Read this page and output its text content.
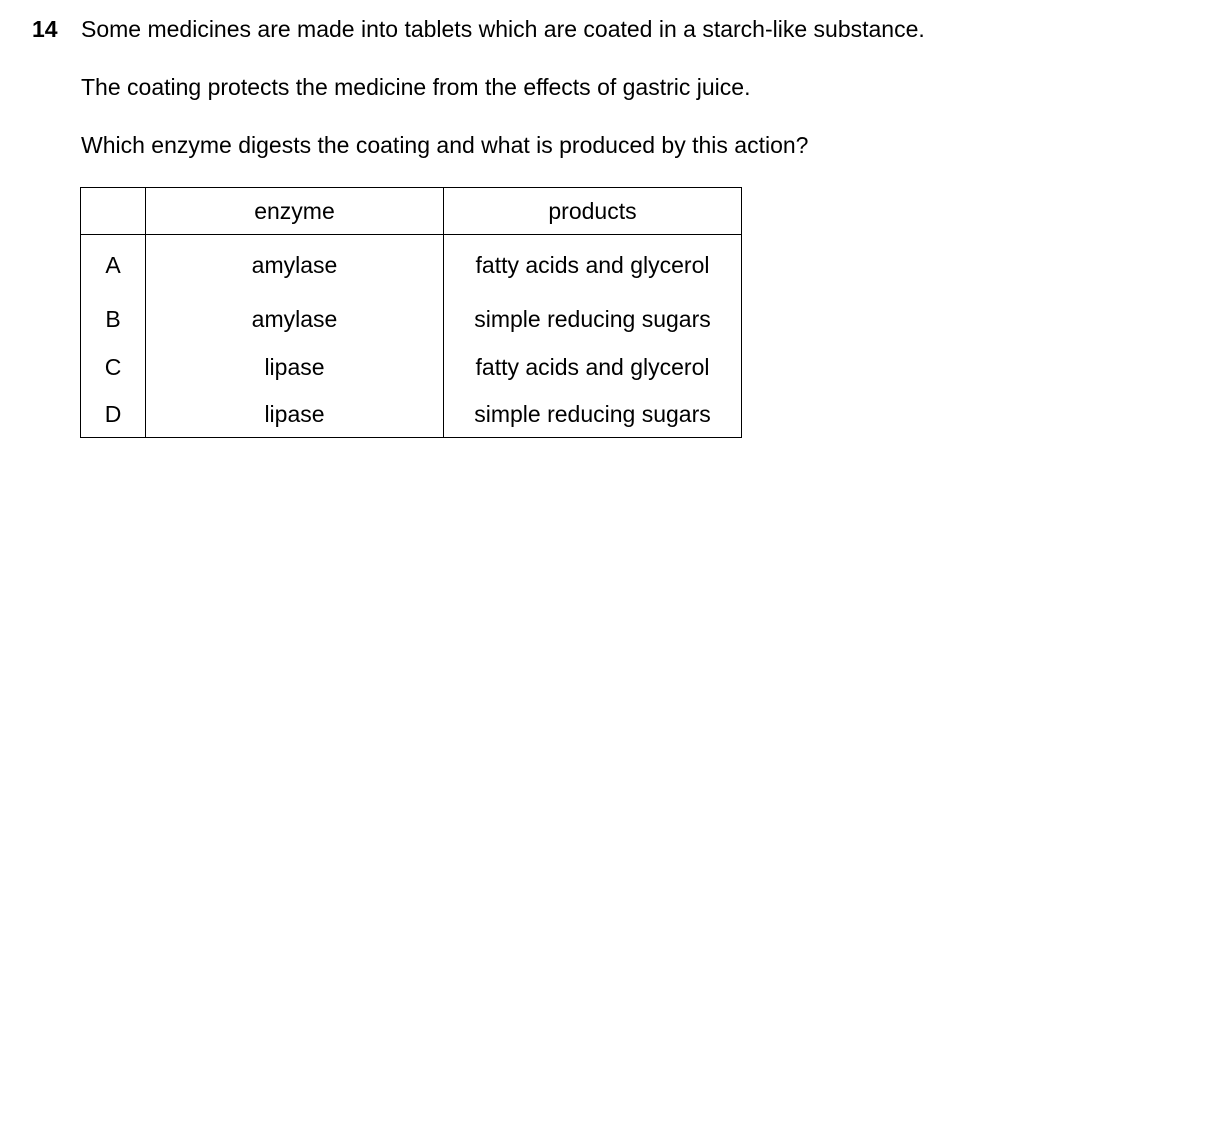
14 Some medicines are made into tablets which are coated in a starch-like substance.
The coating protects the medicine from the effects of gastric juice.
Which enzyme digests the coating and what is produced by this action?
	enzyme	products
A	amylase	fatty acids and glycerol
B	amylase	simple reducing sugars
C	lipase	fatty acids and glycerol
D	lipase	simple reducing sugars
